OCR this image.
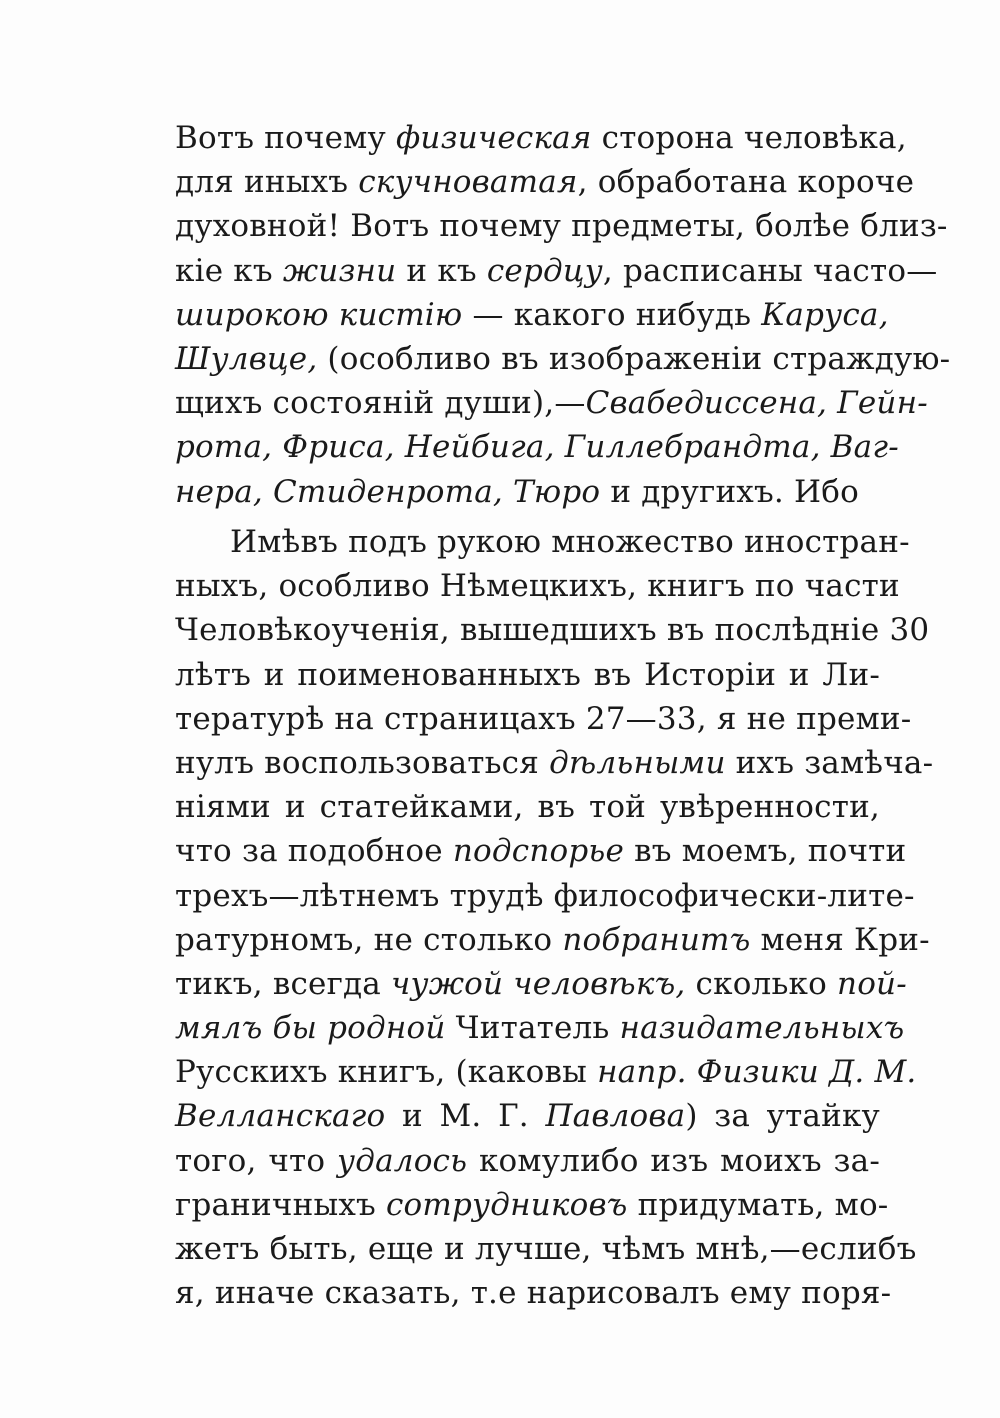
Вотъ почему физическая сторона человѣка,
для иныхъ скучноватая, обработана короче
духовной! Вотъ почему предметы, болѣе близ-
кіе къ жизни и къ сердцу, расписаны часто—
широкою кистію — какого нибудь Каруса,
Шулвце, (особливо въ изображеніи страждую-
щихъ состояній души),—Свабедиссена, Гейн-
рота, Фриса, Нейбига, Гиллебрандта, Ваг-
нера, Стиденрота, Тюро и другихъ. Ибо
Имѣвъ подъ рукою множество иностран-
ныхъ, особливо Нѣмецкихъ, книгъ по части
Человѣкоученія, вышедшихъ въ послѣдніе 30
лѣтъ и поименованныхъ въ Исторіи и Ли-
тературѣ на страницахъ 27—33, я не преми-
нулъ воспользоваться дѣльными ихъ замѣча-
ніями и статейками, въ той увѣренности,
что за подобное подспорье въ моемъ, почти
трехъ—лѣтнемъ трудѣ философически-лите-
ратурномъ, не столько побранитъ меня Кри-
тикъ, всегда чужой человѣкъ, сколько пой-
мялъ бы родной Читатель назидательныхъ
Русскихъ книгъ, (каковы напр. Физики Д. М.
Велланскаго и М. Г. Павлова) за утайку
того, что удалось комулибо изъ моихъ за-
граничныхъ сотрудниковъ придумать, мо-
жетъ быть, еще и лучше, чѣмъ мнѣ,—еслибъ
я, иначе сказать, т.е нарисовалъ ему поря-
